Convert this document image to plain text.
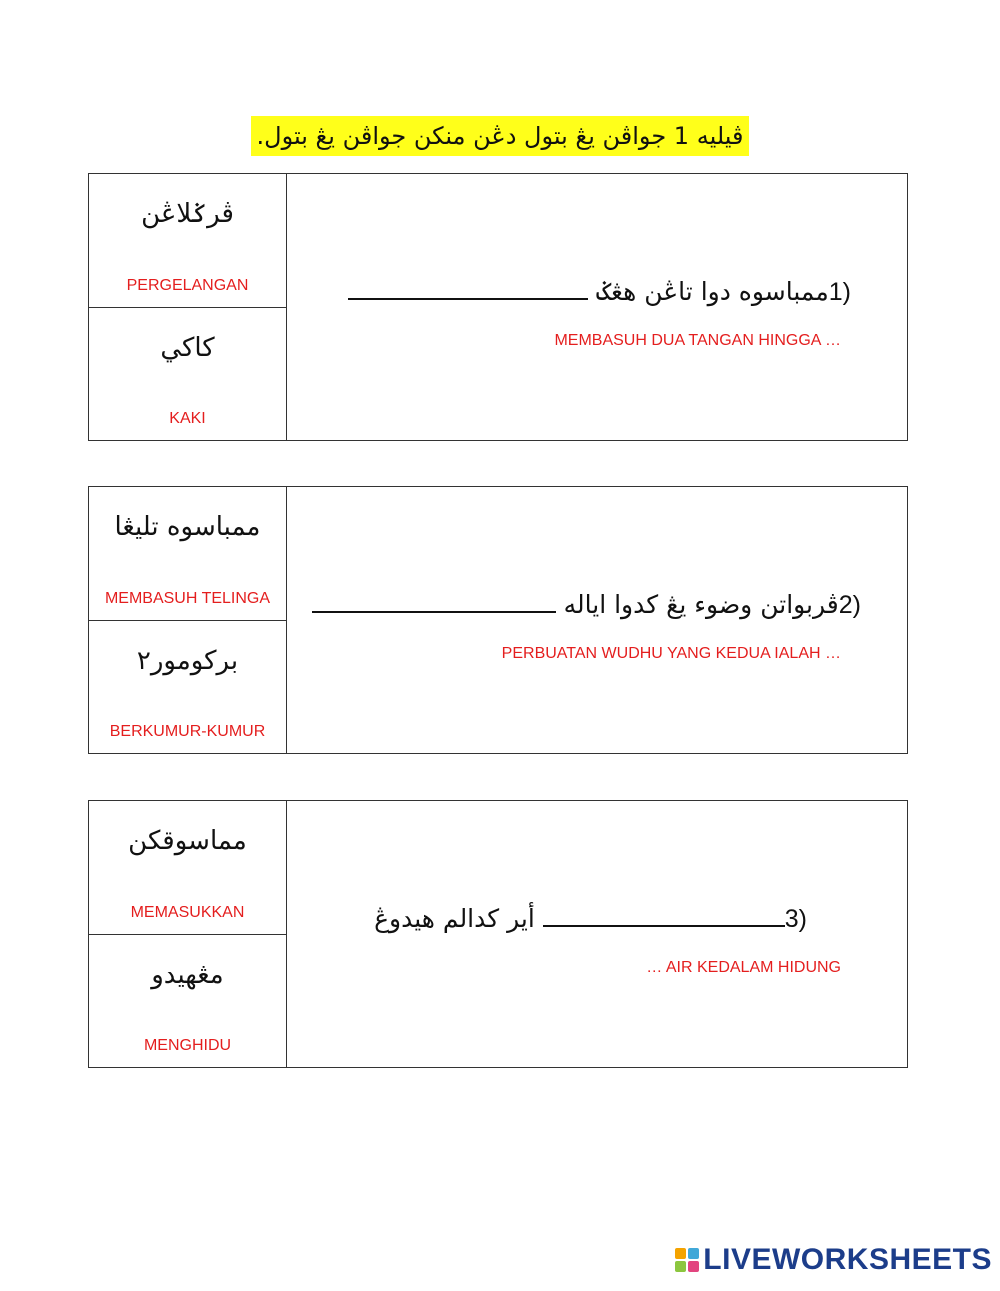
ڤيليه 1 جواڤن يڠ بتول دڠن منكن جواڤن يڠ بتول.
ڤرݢلاڠن
PERGELANGAN
كاكي
KAKI
ممباسوه دوا تاڠن هڠݢ1)
MEMBASUH DUA TANGAN HINGGA …
ممباسوه تليڠا
MEMBASUH TELINGA
بركومور٢
BERKUMUR-KUMUR
ڤربواتن وضوء يڠ كدوا اياله2)
PERBUATAN WUDHU YANG KEDUA IALAH …
مماسوقكن
MEMASUKKAN
مڠهيدو
MENGHIDU
أير كدالم هيدوڠ	3)
… AIR KEDALAM HIDUNG
LIVEWORKSHEETS
